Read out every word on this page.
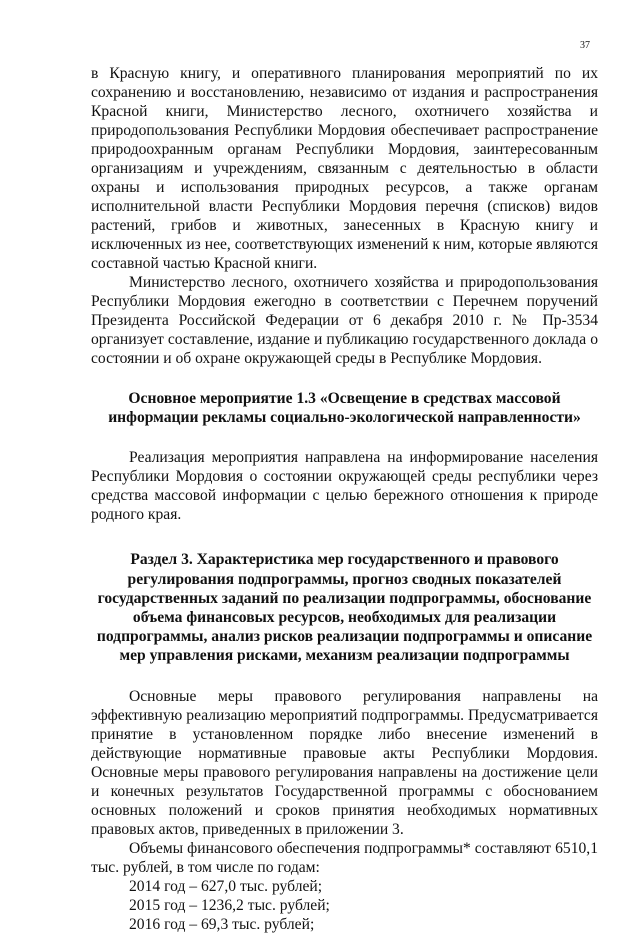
37

в Красную книгу, и оперативного планирования мероприятий по их сохранению и восстановлению, независимо от издания и распространения Красной книги, Министерство лесного, охотничего хозяйства и природопользования Республики Мордовия обеспечивает распространение природоохранным органам Республики Мордовия, заинтересованным организациям и учреждениям, связанным с деятельностью в области охраны и использования природных ресурсов, а также органам исполнительной власти Республики Мордовия перечня (списков) видов растений, грибов и животных, занесенных в Красную книгу и исключенных из нее, соответствующих изменений к ним, которые являются составной частью Красной книги.

Министерство лесного, охотничего хозяйства и природопользования Республики Мордовия ежегодно в соответствии с Перечнем поручений Президента Российской Федерации от 6 декабря 2010 г. № Пр-3534 организует составление, издание и публикацию государственного доклада о состоянии и об охране окружающей среды в Республике Мордовия.

Основное мероприятие 1.3 «Освещение в средствах массовой информации рекламы социально-экологической направленности»

Реализация мероприятия направлена на информирование населения Республики Мордовия о состоянии окружающей среды республики через средства массовой информации с целью бережного отношения к природе родного края.

Раздел 3. Характеристика мер государственного и правового регулирования подпрограммы, прогноз сводных показателей государственных заданий по реализации подпрограммы, обоснование объема финансовых ресурсов, необходимых для реализации подпрограммы, анализ рисков реализации подпрограммы и описание мер управления рисками, механизм реализации подпрограммы

Основные меры правового регулирования направлены на эффективную реализацию мероприятий подпрограммы. Предусматривается принятие в установленном порядке либо внесение изменений в действующие нормативные правовые акты Республики Мордовия. Основные меры правового регулирования направлены на достижение цели и конечных результатов Государственной программы с обоснованием основных положений и сроков принятия необходимых нормативных правовых актов, приведенных в приложении 3.

Объемы финансового обеспечения подпрограммы* составляют 6510,1 тыс. рублей, в том числе по годам:

2014 год – 627,0 тыс. рублей;

2015 год – 1236,2 тыс. рублей;

2016 год – 69,3 тыс. рублей;
